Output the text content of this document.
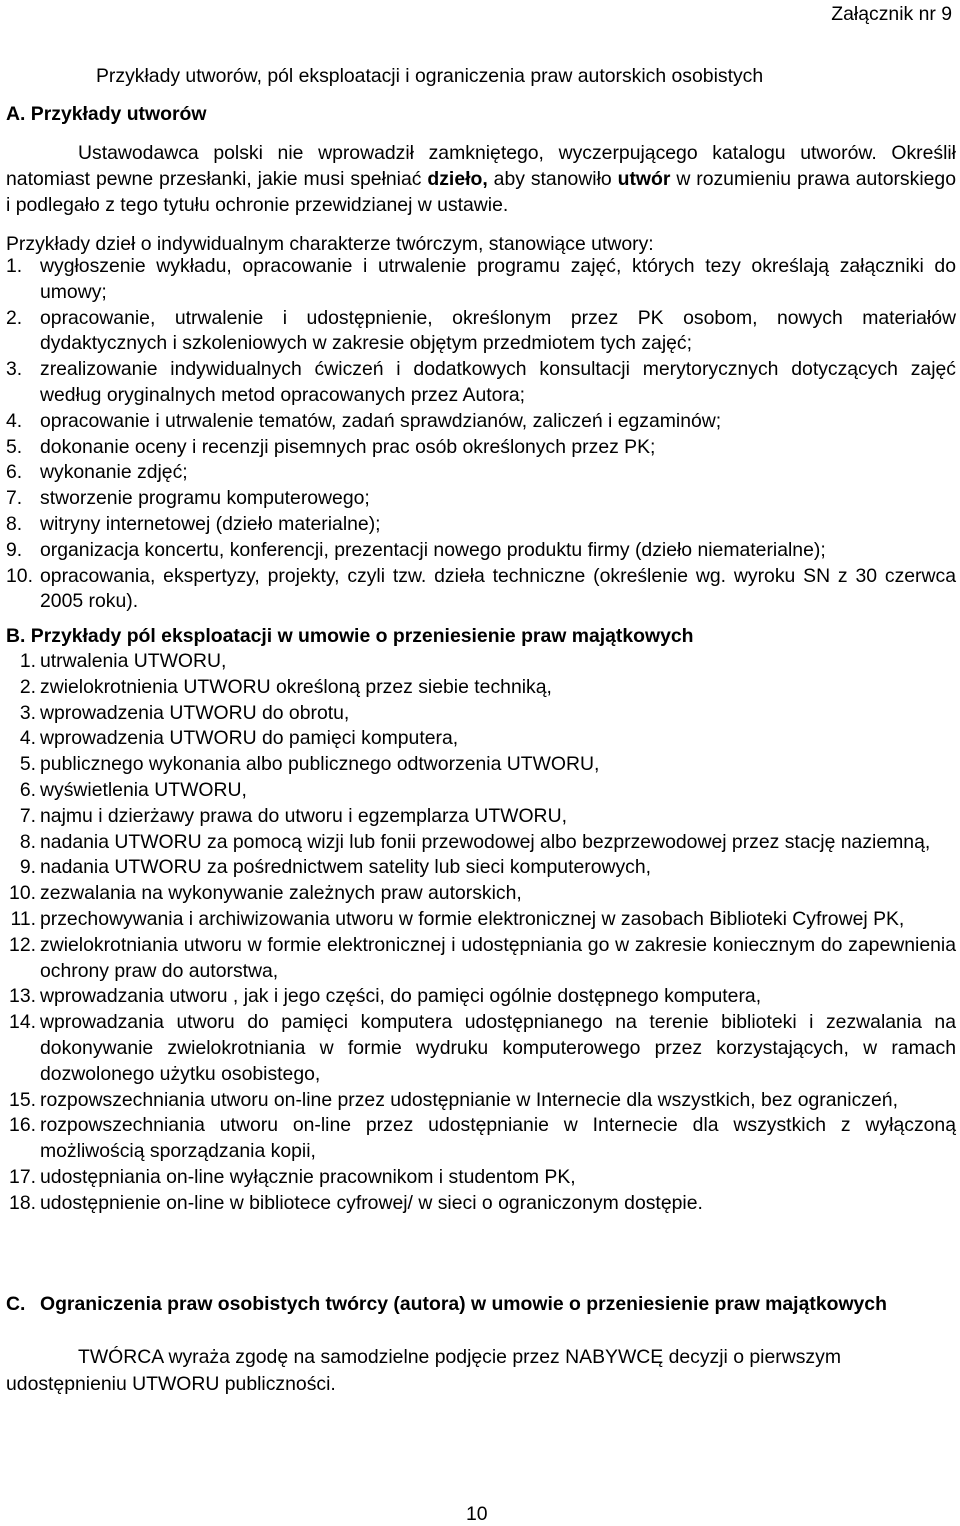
Załącznik nr 9
Przykłady utworów, pól eksploatacji i ograniczenia praw autorskich osobistych
A. Przykłady utworów
Ustawodawca polski nie wprowadził zamkniętego, wyczerpującego katalogu utworów. Określił natomiast pewne przesłanki, jakie musi spełniać dzieło, aby stanowiło utwór w rozumieniu prawa autorskiego i podlegało z tego tytułu ochronie przewidzianej w ustawie.
Przykłady dzieł o indywidualnym charakterze twórczym, stanowiące utwory:
1. wygłoszenie wykładu, opracowanie i utrwalenie programu zajęć, których tezy określają załączniki do umowy;
2. opracowanie, utrwalenie i udostępnienie, określonym przez PK osobom, nowych materiałów dydaktycznych i szkoleniowych w zakresie objętym przedmiotem tych zajęć;
3. zrealizowanie indywidualnych ćwiczeń i dodatkowych konsultacji merytorycznych dotyczących zajęć według oryginalnych metod opracowanych przez Autora;
4. opracowanie i utrwalenie tematów, zadań sprawdzianów, zaliczeń i egzaminów;
5. dokonanie oceny i recenzji pisemnych prac osób określonych przez PK;
6. wykonanie zdjęć;
7. stworzenie programu komputerowego;
8. witryny internetowej (dzieło materialne);
9. organizacja koncertu, konferencji, prezentacji nowego produktu firmy (dzieło niematerialne);
10. opracowania, ekspertyzy, projekty, czyli tzw. dzieła techniczne (określenie wg. wyroku SN z 30 czerwca 2005 roku).
B. Przykłady pól eksploatacji w umowie o przeniesienie praw majątkowych
1. utrwalenia UTWORU,
2. zwielokrotnienia UTWORU określoną przez siebie techniką,
3. wprowadzenia UTWORU do obrotu,
4. wprowadzenia UTWORU do pamięci komputera,
5. publicznego wykonania albo publicznego odtworzenia UTWORU,
6. wyświetlenia UTWORU,
7. najmu i dzierżawy prawa do utworu i egzemplarza UTWORU,
8. nadania UTWORU za pomocą wizji lub fonii przewodowej albo bezprzewodowej przez stację naziemną,
9. nadania UTWORU za pośrednictwem satelity lub sieci komputerowych,
10. zezwalania na wykonywanie zależnych praw autorskich,
11. przechowywania i archiwizowania utworu w formie elektronicznej w zasobach Biblioteki Cyfrowej PK,
12. zwielokrotniania utworu w formie elektronicznej i udostępniania go w zakresie koniecznym do zapewnienia ochrony praw do autorstwa,
13. wprowadzania utworu , jak i jego części, do pamięci ogólnie dostępnego komputera,
14. wprowadzania utworu do pamięci komputera udostępnianego na terenie biblioteki i zezwalania na dokonywanie zwielokrotniania w formie wydruku komputerowego przez korzystających, w ramach dozwolonego użytku osobistego,
15. rozpowszechniania utworu on-line przez udostępnianie w Internecie dla wszystkich, bez ograniczeń,
16. rozpowszechniania utworu on-line przez udostępnianie w Internecie dla wszystkich z wyłączoną możliwością sporządzania kopii,
17. udostępniania on-line wyłącznie pracownikom i studentom PK,
18. udostępnienie on-line w bibliotece cyfrowej/ w sieci o ograniczonym dostępie.
C. Ograniczenia praw osobistych twórcy (autora) w umowie o przeniesienie praw majątkowych
TWÓRCA wyraża zgodę na samodzielne podjęcie przez NABYWCĘ decyzji o pierwszym udostępnieniu UTWORU publiczności.
10
